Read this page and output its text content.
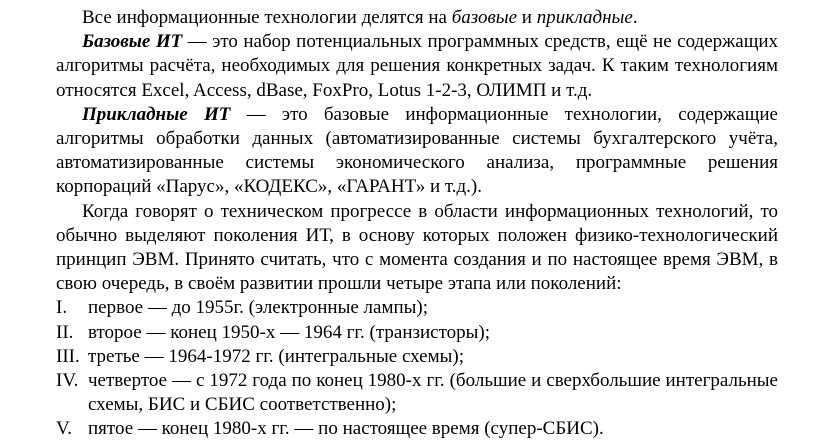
Все информационные технологии делятся на базовые и прикладные.

Базовые ИТ — это набор потенциальных программных средств, ещё не содержащих алгоритмы расчёта, необходимых для решения конкретных задач. К таким технологиям относятся Excel, Access, dBase, FoxPro, Lotus 1-2-3, ОЛИМП и т.д.

Прикладные ИТ — это базовые информационные технологии, содержащие алгоритмы обработки данных (автоматизированные системы бухгалтерского учёта, автоматизированные системы экономического анализа, программные решения корпораций «Парус», «КОДЕКС», «ГАРАНТ» и т.д.).

Когда говорят о техническом прогрессе в области информационных технологий, то обычно выделяют поколения ИТ, в основу которых положен физико-технологический принцип ЭВМ. Принято считать, что с момента создания и по настоящее время ЭВМ, в свою очередь, в своём развитии прошли четыре этапа или поколений:

I. первое — до 1955г. (электронные лампы);
II. второе — конец 1950-х — 1964 гг. (транзисторы);
III. третье — 1964-1972 гг. (интегральные схемы);
IV. четвертое — с 1972 года по конец 1980-х гг. (большие и сверхбольшие интегральные схемы, БИС и СБИС соответственно);
V. пятое — конец 1980-х гг. — по настоящее время (супер-СБИС).
